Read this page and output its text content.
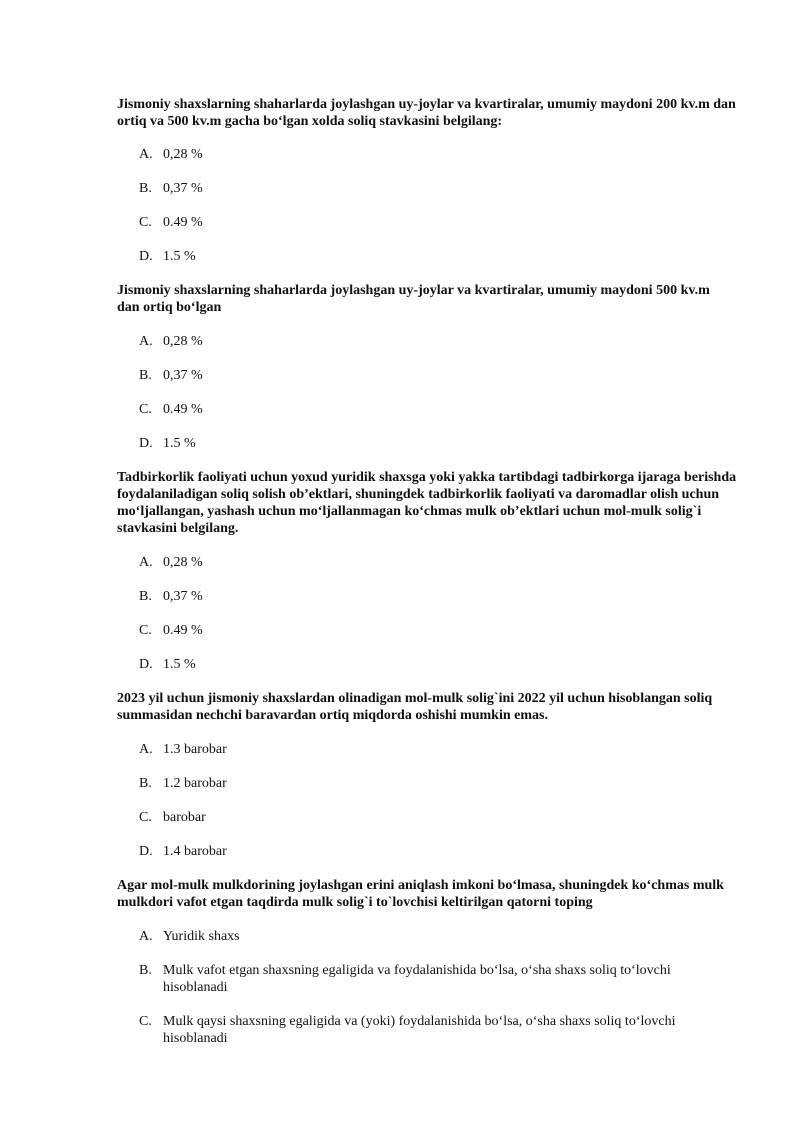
Jismoniy shaxslarning shaharlarda joylashgan uy-joylar va kvartiralar, umumiy maydoni 200 kv.m dan ortiq va 500 kv.m gacha bo‘lgan xolda soliq stavkasini belgilang:
A. 0,28 %
B. 0,37 %
C. 0.49 %
D. 1.5 %
Jismoniy shaxslarning shaharlarda joylashgan uy-joylar va kvartiralar, umumiy maydoni 500 kv.m dan ortiq bo‘lgan
A. 0,28 %
B. 0,37 %
C. 0.49 %
D. 1.5 %
Tadbirkorlik faoliyati uchun yoxud yuridik shaxsga yoki yakka tartibdagi tadbirkorga ijaraga berishda foydalaniladigan soliq solish ob’ektlari, shuningdek tadbirkorlik faoliyati va daromadlar olish uchun mo‘ljallangan, yashash uchun mo‘ljallanmagan ko‘chmas mulk ob’ektlari uchun mol-mulk solig`i stavkasini belgilang.
A. 0,28 %
B. 0,37 %
C. 0.49 %
D. 1.5 %
2023 yil uchun jismoniy shaxslardan olinadigan mol-mulk solig`ini 2022 yil uchun hisoblangan soliq summasidan nechchi baravardan ortiq miqdorda oshishi mumkin emas.
A. 1.3 barobar
B. 1.2 barobar
C. barobar
D. 1.4 barobar
Agar mol-mulk mulkdorining joylashgan erini aniqlash imkoni bo‘lmasa, shuningdek ko‘chmas mulk mulkdori vafot etgan taqdirda mulk solig`i to`lovchisi keltirilgan qatorni toping
A. Yuridik shaxs
B. Mulk vafot etgan shaxsning egaligida va foydalanishida bo‘lsa, o‘sha shaxs soliq to‘lovchi hisoblanadi
C. Mulk qaysi shaxsning egaligida va (yoki) foydalanishida bo‘lsa, o‘sha shaxs soliq to‘lovchi hisoblanadi
